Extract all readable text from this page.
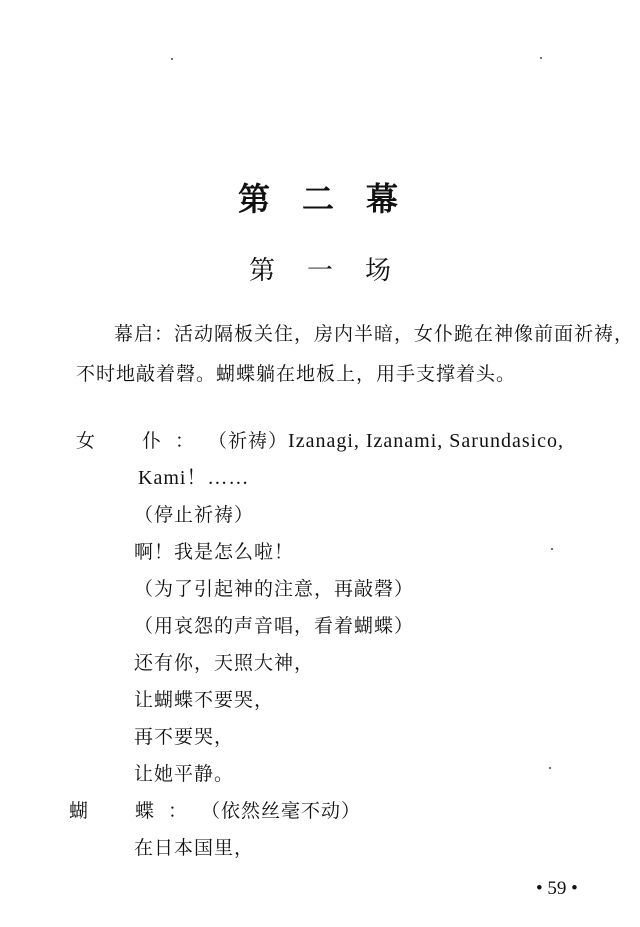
第 二 幕
第 一 场

幕启：活动隔板关住，房内半暗，女仆跪在神像前面祈祷，不时地敲着磬。蝴蝶躺在地板上，用手支撑着头。

女　仆：（祈祷）Izanagi, Izanami, Sarundasico,
Kami！……
（停止祈祷）
啊！我是怎么啦！
（为了引起神的注意，再敲磬）
（用哀怨的声音唱，看着蝴蝶）
还有你，天照大神，
让蝴蝶不要哭，
再不要哭，
让她平静。
蝴　蝶：（依然丝毫不动）
在日本国里，
• 59 •
